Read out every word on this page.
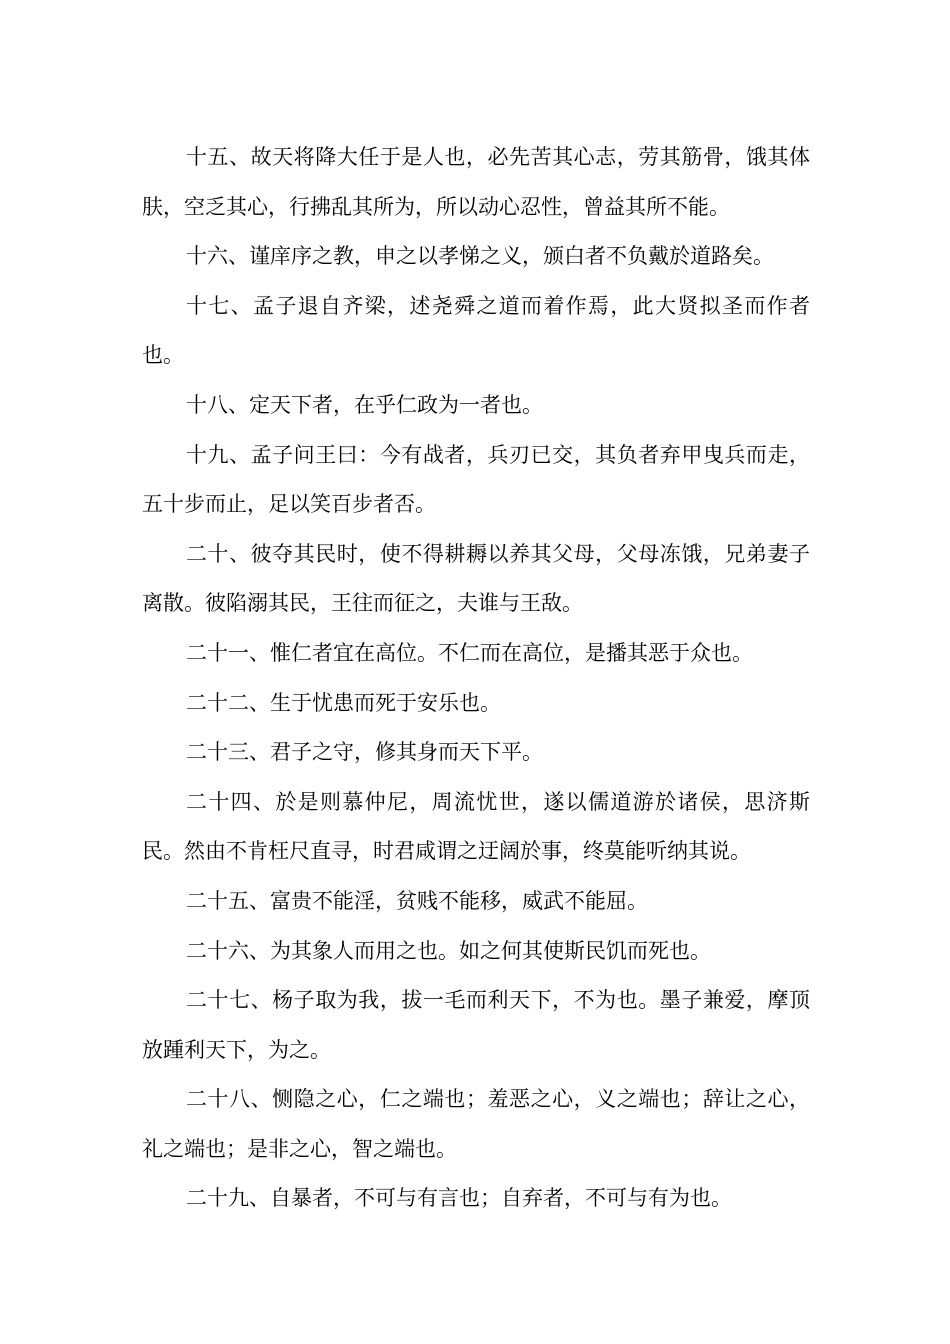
十五、故天将降大任于是人也，必先苦其心志，劳其筋骨，饿其体肤，空乏其心，行拂乱其所为，所以动心忍性，曾益其所不能。

十六、谨庠序之教，申之以孝悌之义，颁白者不负戴於道路矣。

十七、孟子退自齐梁，述尧舜之道而着作焉，此大贤拟圣而作者也。

十八、定天下者，在乎仁政为一者也。

十九、孟子问王曰：今有战者，兵刃已交，其负者弃甲曳兵而走，五十步而止，足以笑百步者否。

二十、彼夺其民时，使不得耕耨以养其父母，父母冻饿，兄弟妻子离散。彼陷溺其民，王往而征之，夫谁与王敌。

二十一、惟仁者宜在高位。不仁而在高位，是播其恶于众也。

二十二、生于忧患而死于安乐也。

二十三、君子之守，修其身而天下平。

二十四、於是则慕仲尼，周流忧世，遂以儒道游於诸侯，思济斯民。然由不肯枉尺直寻，时君咸谓之迂阔於事，终莫能听纳其说。

二十五、富贵不能淫，贫贱不能移，威武不能屈。

二十六、为其象人而用之也。如之何其使斯民饥而死也。

二十七、杨子取为我，拔一毛而利天下，不为也。墨子兼爱，摩顶放踵利天下，为之。

二十八、恻隐之心，仁之端也；羞恶之心，义之端也；辞让之心，礼之端也；是非之心，智之端也。

二十九、自暴者，不可与有言也；自弃者，不可与有为也。
